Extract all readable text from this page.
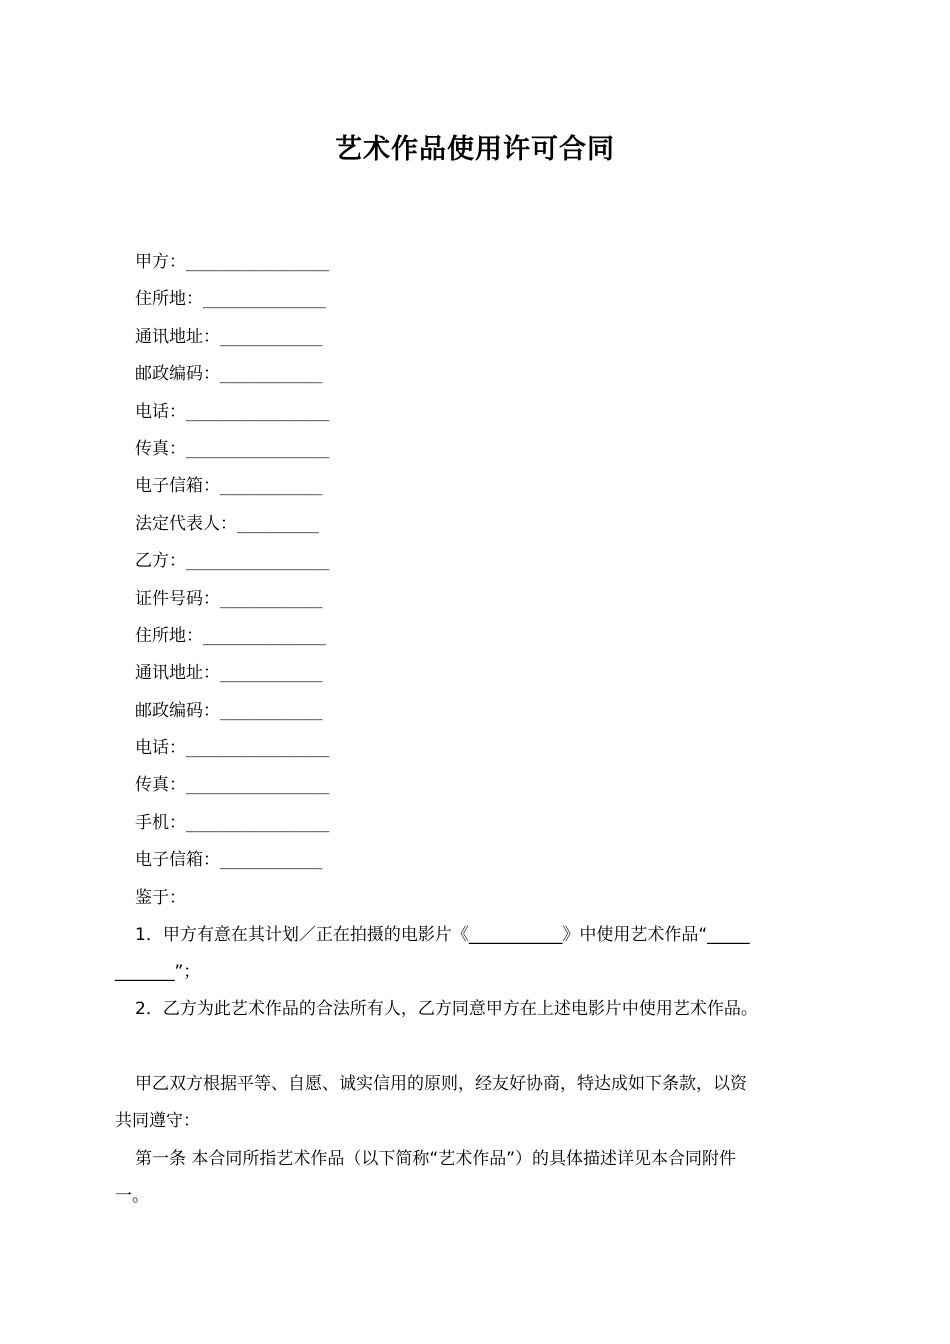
艺术作品使用许可合同
甲方：______________
住所地：____________
通讯地址：__________
邮政编码：__________
电话：______________
传真：______________
电子信箱：__________
法定代表人：________
乙方：______________
证件号码：__________
住所地：____________
通讯地址：__________
邮政编码：__________
电话：______________
传真：______________
手机：______________
电子信箱：__________
鉴于：
1．甲方有意在其计划／正在拍摄的电影片《___________》中使用艺术作品“_____
_______”；
2．乙方为此艺术作品的合法所有人，乙方同意甲方在上述电影片中使用艺术作品。
甲乙双方根据平等、自愿、诚实信用的原则，经友好协商，特达成如下条款，以资
共同遵守：
第一条 本合同所指艺术作品（以下简称“艺术作品”）的具体描述详见本合同附件
一。
